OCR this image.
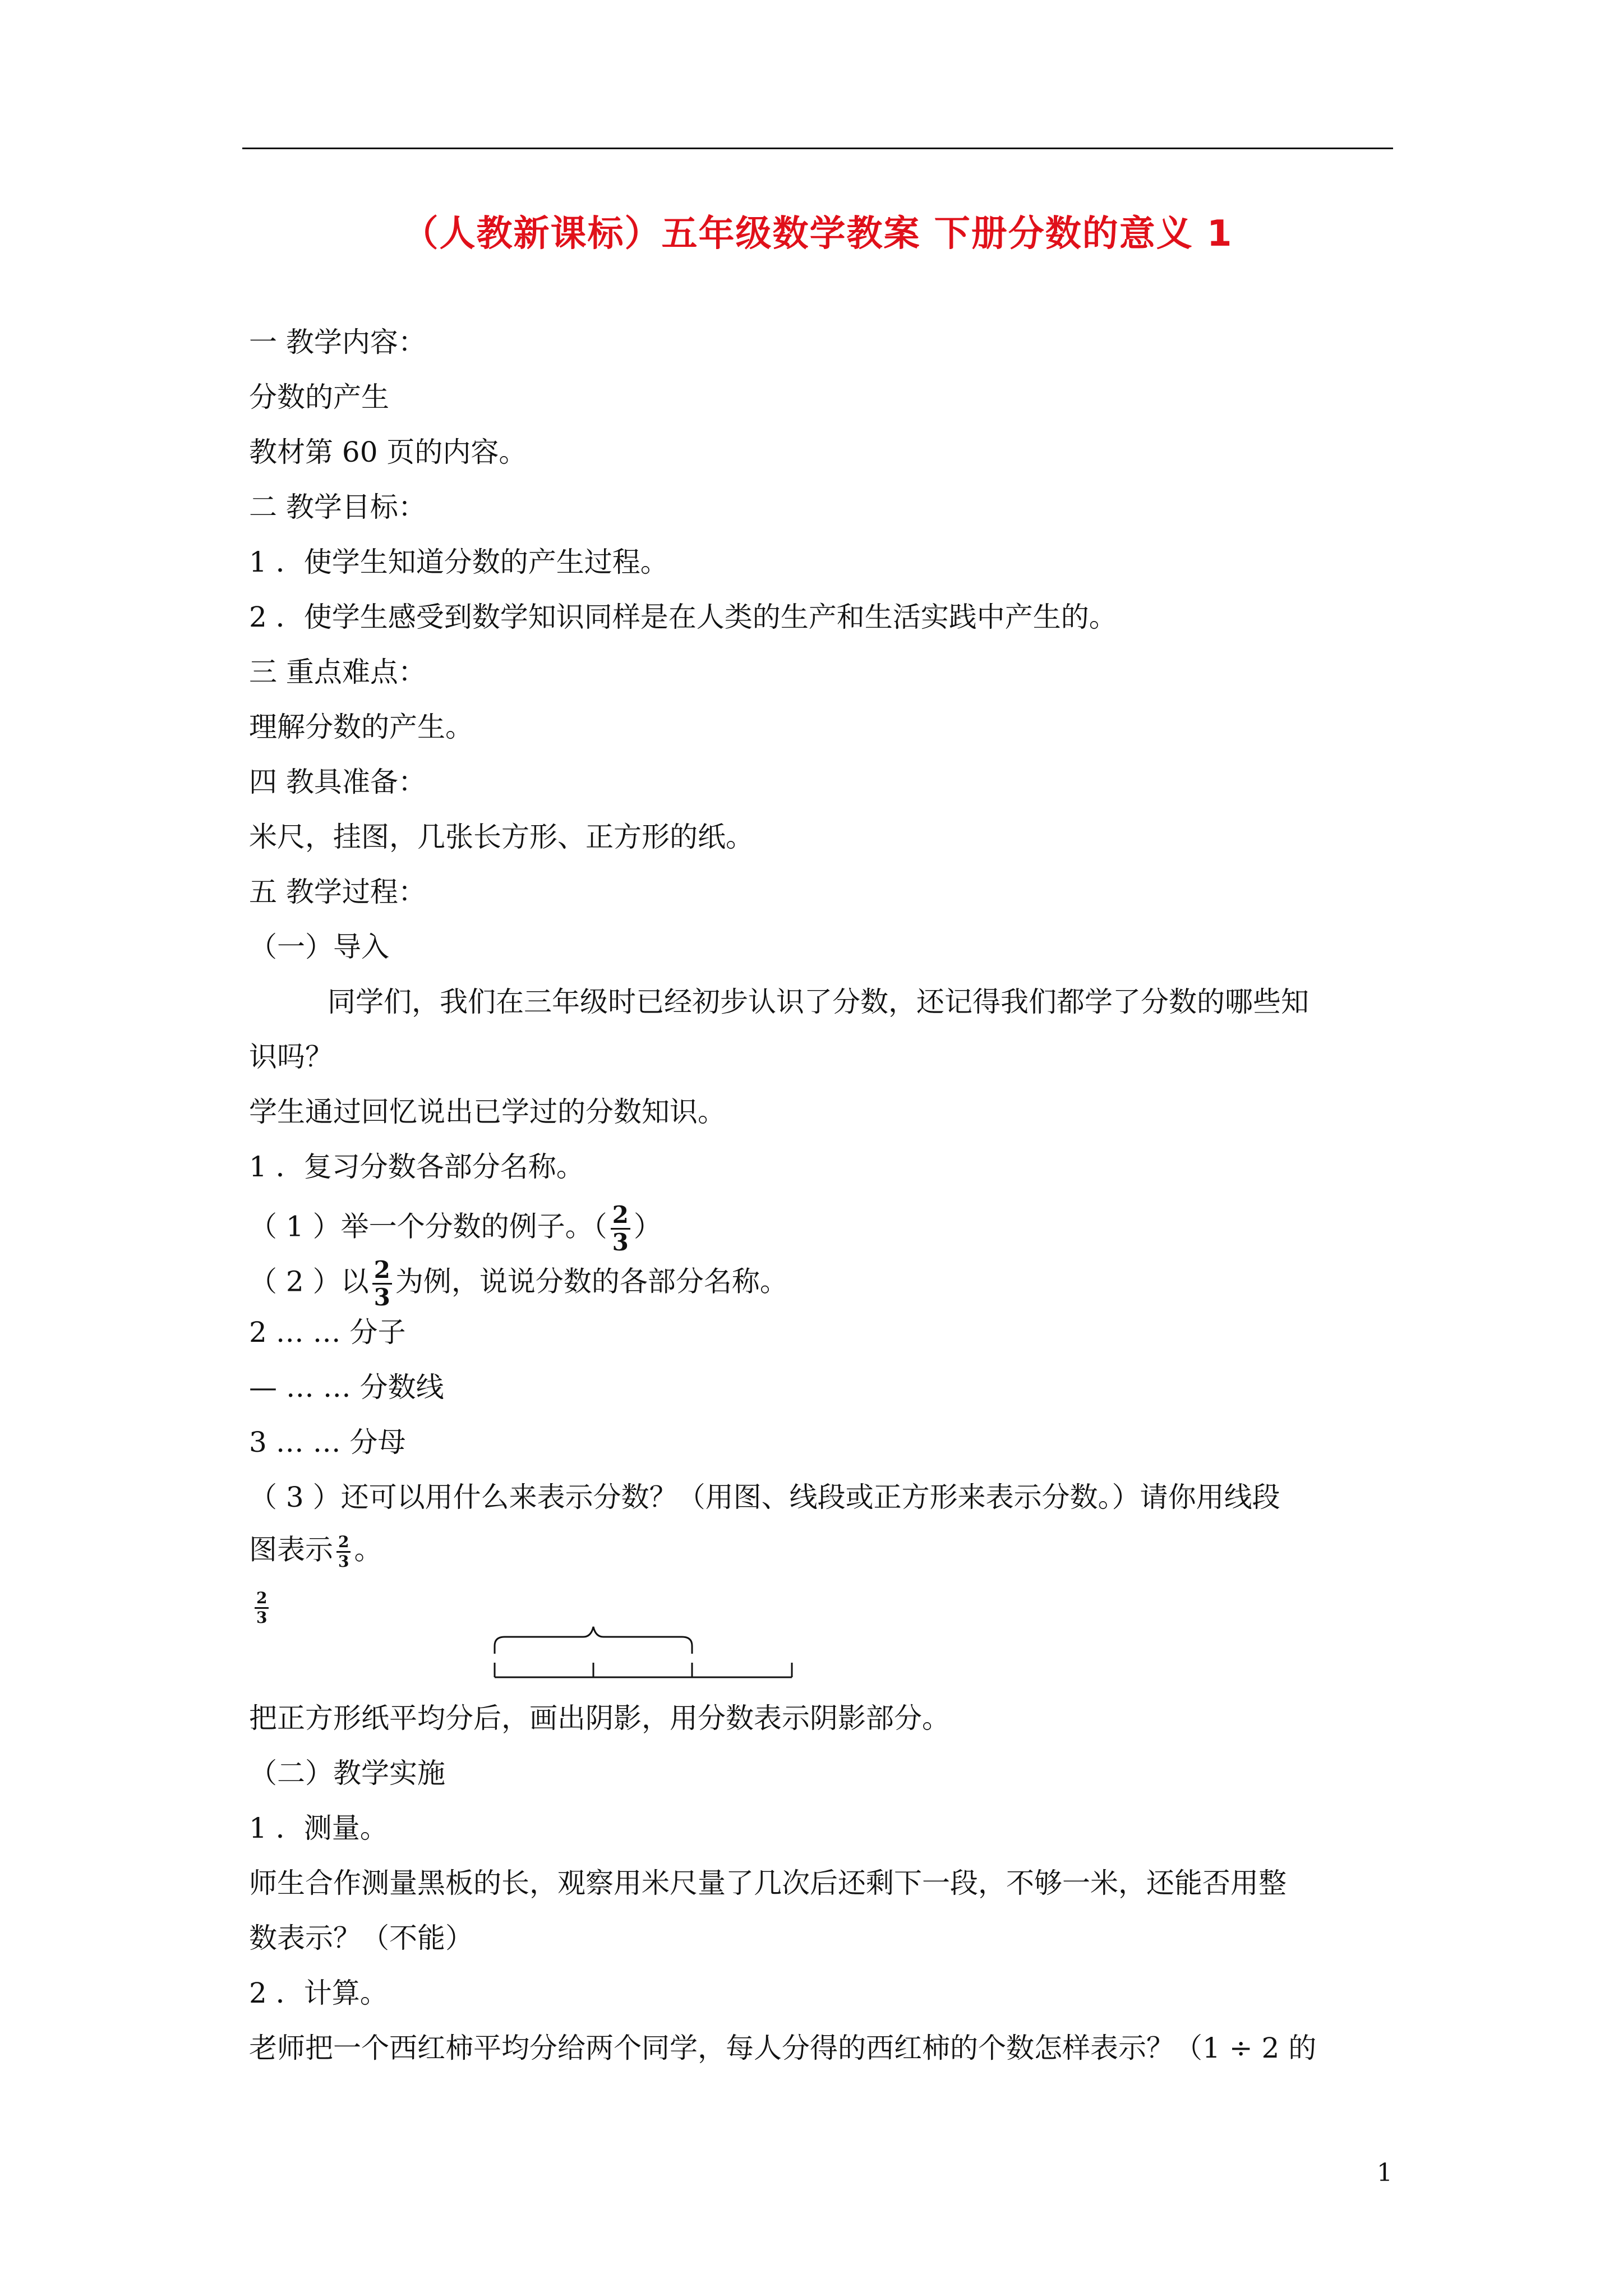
（人教新课标）五年级数学教案 下册分数的意义 1
一 教学内容：
分数的产生
教材第 60 页的内容。
二 教学目标：
1 ．使学生知道分数的产生过程。
2 ．使学生感受到数学知识同样是在人类的生产和生活实践中产生的。
三 重点难点：
理解分数的产生。
四 教具准备：
米尺，挂图，几张长方形、正方形的纸。
五 教学过程：
（一）导入
同学们，我们在三年级时已经初步认识了分数，还记得我们都学了分数的哪些知
识吗？
学生通过回忆说出已学过的分数知识。
1 ．复习分数各部分名称。
（ 1 ）举一个分数的例子。（ $\frac{2}{3}$ ）
（ 2 ）以 $\frac{2}{3}$ 为例，说说分数的各部分名称。
2 … … 分子
— … … 分数线
3 … … 分母
（ 3 ）还可以用什么来表示分数？（用图、线段或正方形来表示分数。）请你用线段
图表示 $\frac{2}{3}$ 。
$\frac{2}{3}$
把正方形纸平均分后，画出阴影，用分数表示阴影部分。
（二）教学实施
1 ．测量。
师生合作测量黑板的长，观察用米尺量了几次后还剩下一段，不够一米，还能否用整
数表示？（不能）
2 ．计算。
老师把一个西红柿平均分给两个同学，每人分得的西红柿的个数怎样表示？（1 ÷ 2 的
1
